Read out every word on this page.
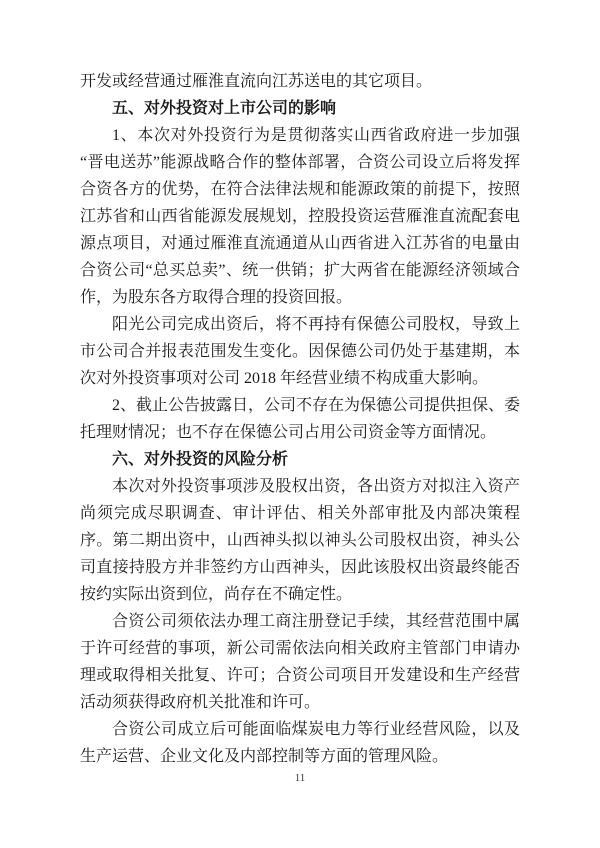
开发或经营通过雁淮直流向江苏送电的其它项目。

五、对外投资对上市公司的影响

1、本次对外投资行为是贯彻落实山西省政府进一步加强“晋电送苏”能源战略合作的整体部署，合资公司设立后将发挥合资各方的优势，在符合法律法规和能源政策的前提下，按照江苏省和山西省能源发展规划，控股投资运营雁淮直流配套电源点项目，对通过雁淮直流通道从山西省进入江苏省的电量由合资公司“总买总卖”、统一供销；扩大两省在能源经济领域合作，为股东各方取得合理的投资回报。

阳光公司完成出资后，将不再持有保德公司股权，导致上市公司合并报表范围发生变化。因保德公司仍处于基建期，本次对外投资事项对公司 2018 年经营业绩不构成重大影响。

2、截止公告披露日，公司不存在为保德公司提供担保、委托理财情况；也不存在保德公司占用公司资金等方面情况。

六、对外投资的风险分析

本次对外投资事项涉及股权出资，各出资方对拟注入资产尚须完成尽职调查、审计评估、相关外部审批及内部决策程序。第二期出资中，山西神头拟以神头公司股权出资，神头公司直接持股方并非签约方山西神头，因此该股权出资最终能否按约实际出资到位，尚存在不确定性。

合资公司须依法办理工商注册登记手续，其经营范围中属于许可经营的事项，新公司需依法向相关政府主管部门申请办理或取得相关批复、许可；合资公司项目开发建设和生产经营活动须获得政府机关批准和许可。

合资公司成立后可能面临煤炭电力等行业经营风险，以及生产运营、企业文化及内部控制等方面的管理风险。

11
